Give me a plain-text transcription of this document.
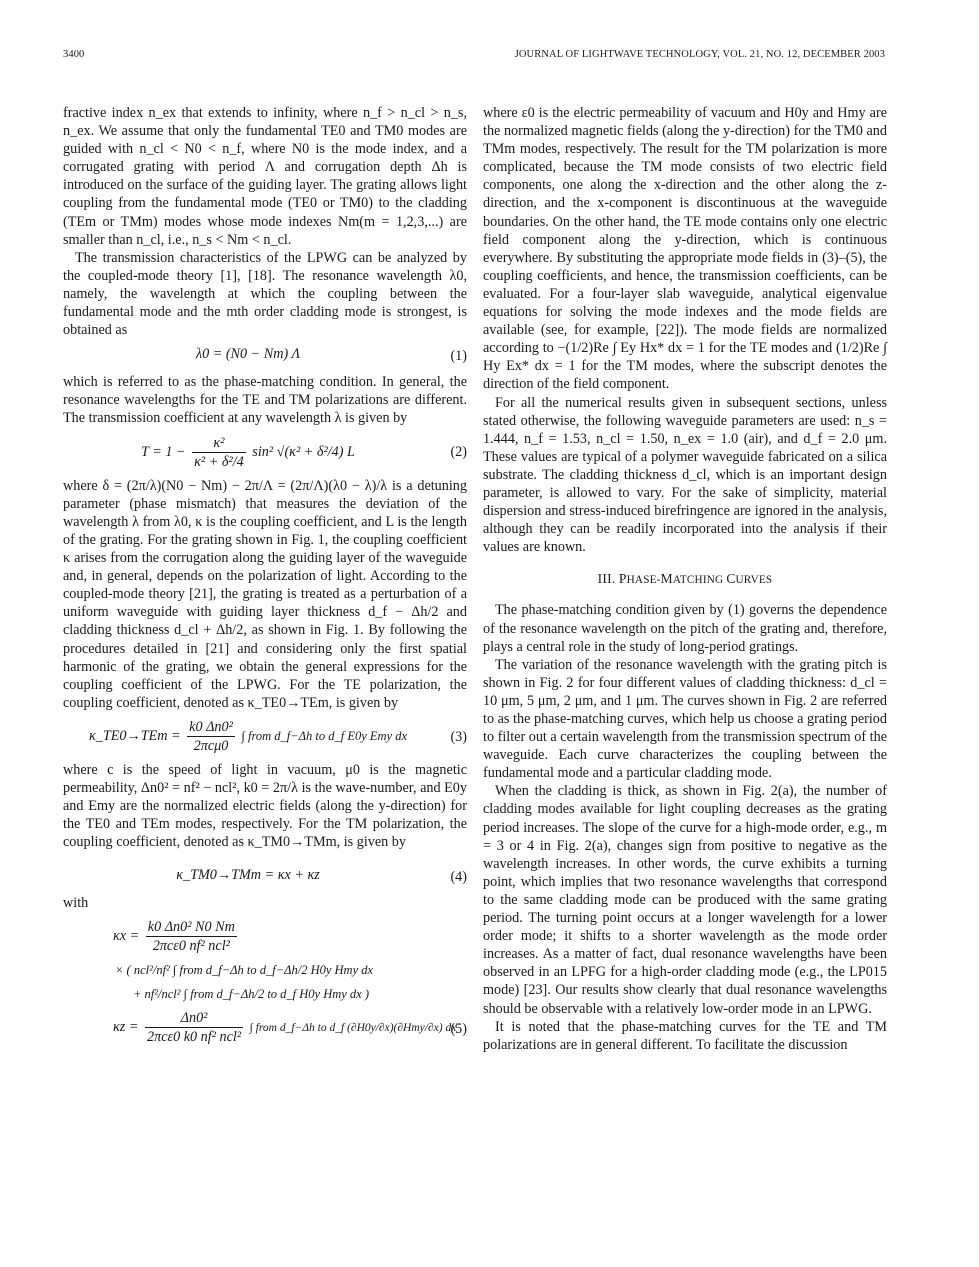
3400	JOURNAL OF LIGHTWAVE TECHNOLOGY, VOL. 21, NO. 12, DECEMBER 2003

fractive index n_ex that extends to infinity, where n_f > n_cl > n_s, n_ex. We assume that only the fundamental TE0 and TM0 modes are guided with n_cl < N0 < n_f, where N0 is the mode index, and a corrugated grating with period Λ and corrugation depth Δh is introduced on the surface of the guiding layer. The grating allows light coupling from the fundamental mode (TE0 or TM0) to the cladding (TEm or TMm) modes whose mode indexes Nm(m = 1,2,3,...) are smaller than n_cl, i.e., n_s < Nm < n_cl.

The transmission characteristics of the LPWG can be analyzed by the coupled-mode theory [1], [18]. The resonance wavelength λ0, namely, the wavelength at which the coupling between the fundamental mode and the mth order cladding mode is strongest, is obtained as

λ0 = (N0 − Nm) Λ	(1)

which is referred to as the phase-matching condition. In general, the resonance wavelengths for the TE and TM polarizations are different. The transmission coefficient at any wavelength λ is given by

$T = 1 - \frac{\text{κ²}}{\text{κ² + δ²/4}} \sin^2$ √(κ² + δ²/4) L	(2)

where δ = (2π/λ)(N0 − Nm) − 2π/Λ = (2π/Λ)(λ0 − λ)/λ is a detuning parameter (phase mismatch) that measures the deviation of the wavelength λ from λ0, κ is the coupling coefficient, and L is the length of the grating. For the grating shown in Fig. 1, the coupling coefficient κ arises from the corrugation along the guiding layer of the waveguide and, in general, depends on the polarization of light. According to the coupled-mode theory [21], the grating is treated as a perturbation of a uniform waveguide with guiding layer thickness d_f − Δh/2 and cladding thickness d_cl + Δh/2, as shown in Fig. 1. By following the procedures detailed in [21] and considering only the first spatial harmonic of the grating, we obtain the general expressions for the coupling coefficient of the LPWG. For the TE polarization, the coupling coefficient, denoted as κ_TE0→TEm, is given by

κ_TE0→TEm = $\frac{\text{k0 Δn0²}}{\text{2πcμ0}}$ ∫ from d_f−Δh to d_f E0y Emy dx	(3)

where c is the speed of light in vacuum, μ0 is the magnetic permeability, Δn0² = nf² − ncl², k0 = 2π/λ is the wave-number, and E0y and Emy are the normalized electric fields (along the y-direction) for the TE0 and TEm modes, respectively. For the TM polarization, the coupling coefficient, denoted as κ_TM0→TMm, is given by

κ_TM0→TMm = κx + κz	(4)

with

$\kappa x = \frac{\text{k0 Δn0² N0 Nm}}{\text{2πcε0 nf² ncl²}}$
× ( ncl²/nf² ∫ from d_f−Δh to d_f−Δh/2 H0y Hmy dx
+ nf²/ncl² ∫ from d_f−Δh/2 to d_f H0y Hmy dx )
$\kappa z = \frac{\text{Δn0²}}{\text{2πcε0 k0 nf² ncl²}}$ ∫ from d_f−Δh to d_f (∂H0y/∂x)(∂Hmy/∂x) dx
(5)

where ε0 is the electric permeability of vacuum and H0y and Hmy are the normalized magnetic fields (along the y-direction) for the TM0 and TMm modes, respectively. The result for the TM polarization is more complicated, because the TM mode consists of two electric field components, one along the x-direction and the other along the z-direction, and the x-component is discontinuous at the waveguide boundaries. On the other hand, the TE mode contains only one electric field component along the y-direction, which is continuous everywhere. By substituting the appropriate mode fields in (3)–(5), the coupling coefficients, and hence, the transmission coefficients, can be evaluated. For a four-layer slab waveguide, analytical eigenvalue equations for solving the mode indexes and the mode fields are available (see, for example, [22]). The mode fields are normalized according to −(1/2)Re ∫ Ey Hx* dx = 1 for the TE modes and (1/2)Re ∫ Hy Ex* dx = 1 for the TM modes, where the subscript denotes the direction of the field component.

For all the numerical results given in subsequent sections, unless stated otherwise, the following waveguide parameters are used: n_s = 1.444, n_f = 1.53, n_cl = 1.50, n_ex = 1.0 (air), and d_f = 2.0 μm. These values are typical of a polymer waveguide fabricated on a silica substrate. The cladding thickness d_cl, which is an important design parameter, is allowed to vary. For the sake of simplicity, material dispersion and stress-induced birefringence are ignored in the analysis, although they can be readily incorporated into the analysis if their values are known.

III. PHASE-MATCHING CURVES

The phase-matching condition given by (1) governs the dependence of the resonance wavelength on the pitch of the grating and, therefore, plays a central role in the study of long-period gratings.

The variation of the resonance wavelength with the grating pitch is shown in Fig. 2 for four different values of cladding thickness: d_cl = 10 μm, 5 μm, 2 μm, and 1 μm. The curves shown in Fig. 2 are referred to as the phase-matching curves, which help us choose a grating period to filter out a certain wavelength from the transmission spectrum of the waveguide. Each curve characterizes the coupling between the fundamental mode and a particular cladding mode.

When the cladding is thick, as shown in Fig. 2(a), the number of cladding modes available for light coupling decreases as the grating period increases. The slope of the curve for a high-mode order, e.g., m = 3 or 4 in Fig. 2(a), changes sign from positive to negative as the wavelength increases. In other words, the curve exhibits a turning point, which implies that two resonance wavelengths that correspond to the same cladding mode can be produced with the same grating period. The turning point occurs at a longer wavelength for a lower order mode; it shifts to a shorter wavelength as the mode order increases. As a matter of fact, dual resonance wavelengths have been observed in an LPFG for a high-order cladding mode (e.g., the LP015 mode) [23]. Our results show clearly that dual resonance wavelengths should be observable with a relatively low-order mode in an LPWG.

It is noted that the phase-matching curves for the TE and TM polarizations are in general different. To facilitate the discussion
